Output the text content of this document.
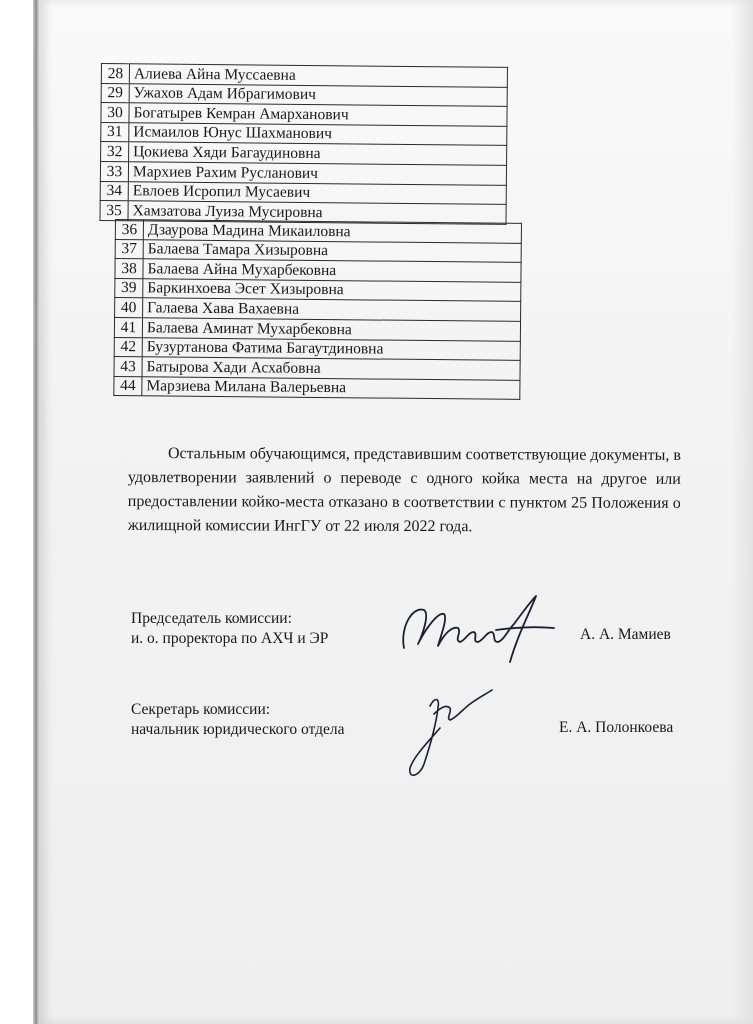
28	Алиева Айна Муссаевна
29	Ужахов Адам Ибрагимович
30	Богатырев Кемран Амарханович
31	Исмаилов Юнус Шахманович
32	Цокиева Хяди Багаудиновна
33	Мархиев Рахим Русланович
34	Евлоев Исропил Мусаевич
35	Хамзатова Луиза Мусировна
36	Дзаурова Мадина Микаиловна
37	Балаева Тамара Хизыровна
38	Балаева Айна Мухарбековна
39	Баркинхоева Эсет Хизыровна
40	Галаева Хава Вахаевна
41	Балаева Аминат Мухарбековна
42	Бузуртанова Фатима Багаутдиновна
43	Батырова Хади Асхабовна
44	Марзиева Милана Валерьевна
Остальным обучающимся, представившим соответствующие документы, в удовлетворении заявлений о переводе с одного койка места на другое или предоставлении койко-места отказано в соответствии с пунктом 25 Положения о жилищной комиссии ИнгГУ от 22 июля 2022 года.
Председатель комиссии:
и. о. проректора по АХЧ и ЭР	А. А. Мамиев
Секретарь комиссии:
начальник юридического отдела	Е. А. Полонкоева
